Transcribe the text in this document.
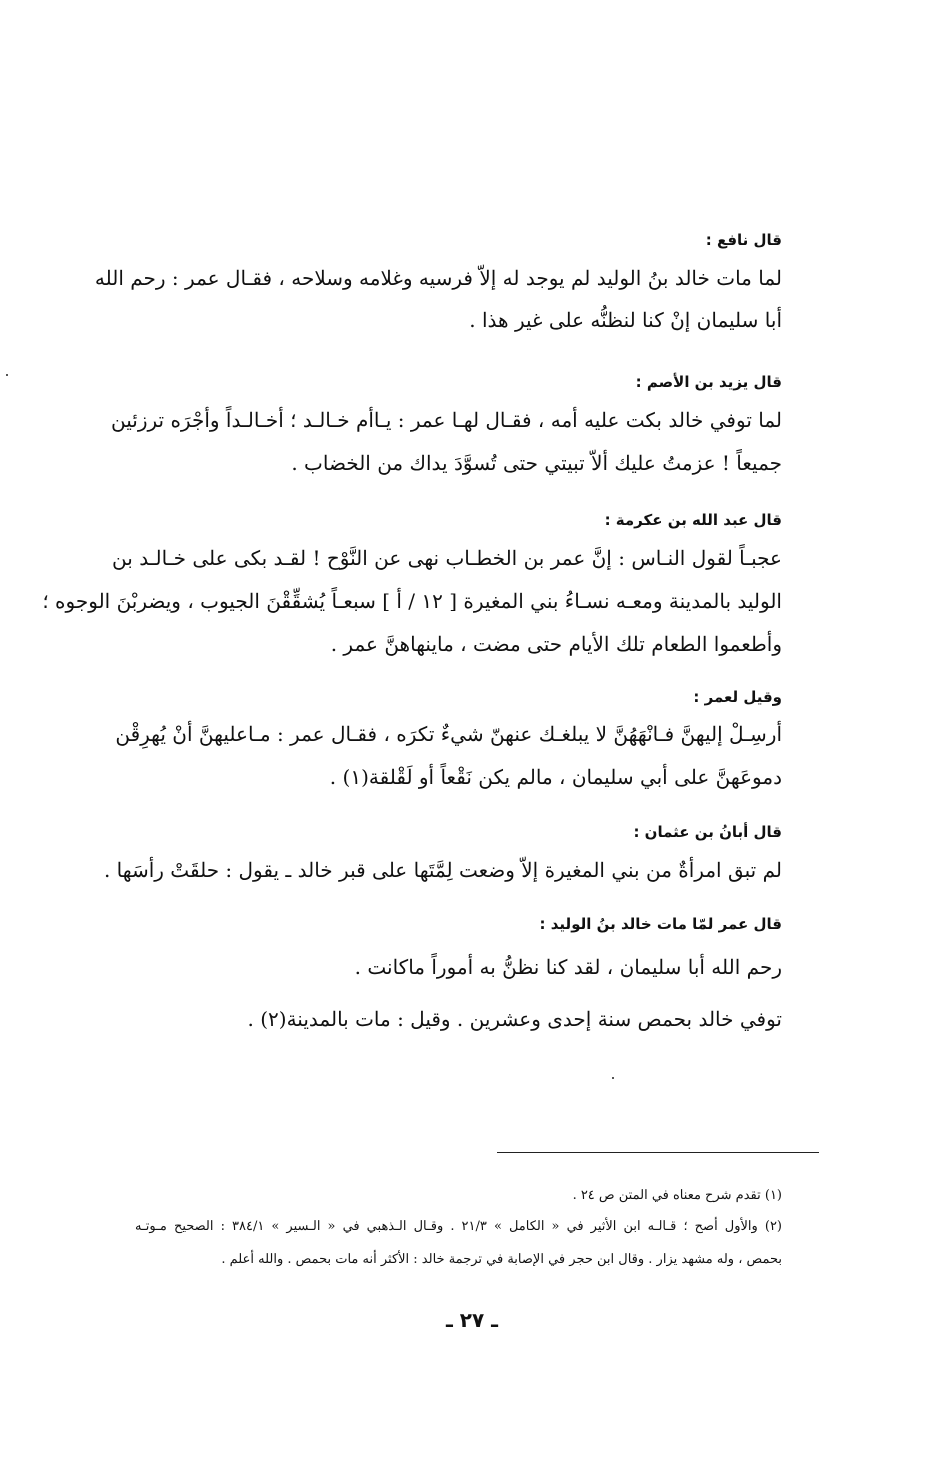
قال نافع :
لما مات خالد بنُ الوليد لم يوجد له إلاّ فرسيه وغلامه وسلاحه ، فقـال عمر : رحم الله
أبا سليمان إنْ كنا لنظنُّه على غير هذا .
قال يزيد بن الأصم :
لما توفي خالد بكت عليه أمه ، فقـال لهـا عمر : يـاأم خـالـد ؛ أخـالـداً وأجْرَه ترزئين
جميعاً ! عزمتُ عليك ألاّ تبيتي حتى تُسوَّدَ يداك من الخضاب .
قال عبد الله بن عكرمة :
عجبـاً لقول النـاس : إنَّ عمر بن الخطـاب نهى عن النَّوْح ! لقـد بكى على خـالـد بن
الوليد بالمدينة ومعـه نسـاءُ بني المغيرة [ ١٢ / أ ] سبعـاً يُشقِّقْنَ الجيوب ، ويضربْنَ الوجوه ؛
وأطعموا الطعام تلك الأيام حتى مضت ، ماينهاهنَّ عمر .
وقيل لعمر :
أرسِـلْ إليهنَّ فـانْهَهُنَّ لا يبلغـك عنهنّ شيءٌ تكرَه ، فقـال عمر : مـاعليهنَّ أنْ يُهرِقْن
دموعَهنَّ على أبي سليمان ، مالم يكن نَقْعاً أو لَقْلقة(١) .
قال أبانُ بن عثمان :
لم تبق امرأةٌ من بني المغيرة إلاّ وضعت لِمَّتَها على قبر خالد ـ يقول : حلقَتْ رأسَها .
قال عمر لمّا مات خالد بنُ الوليد :
رحم الله أبا سليمان ، لقد كنا نظنُّ به أموراً ماكانت .
توفي خالد بحمص سنة إحدى وعشرين . وقيل : مات بالمدينة(٢) .
(١) تقدم شرح معناه في المتن ص ٢٤ .
(٢) والأول أصح ؛ قـالـه ابن الأثير في « الكامل » ٢١/٣ . وقـال الـذهبي في « الـسير » ٣٨٤/١ : الصحيح مـوتـه
بحمص ، وله مشهد يزار . وقال ابن حجر في الإصابة في ترجمة خالد : الأكثر أنه مات بحمص . والله أعلم .
ـ ٢٧ ـ
